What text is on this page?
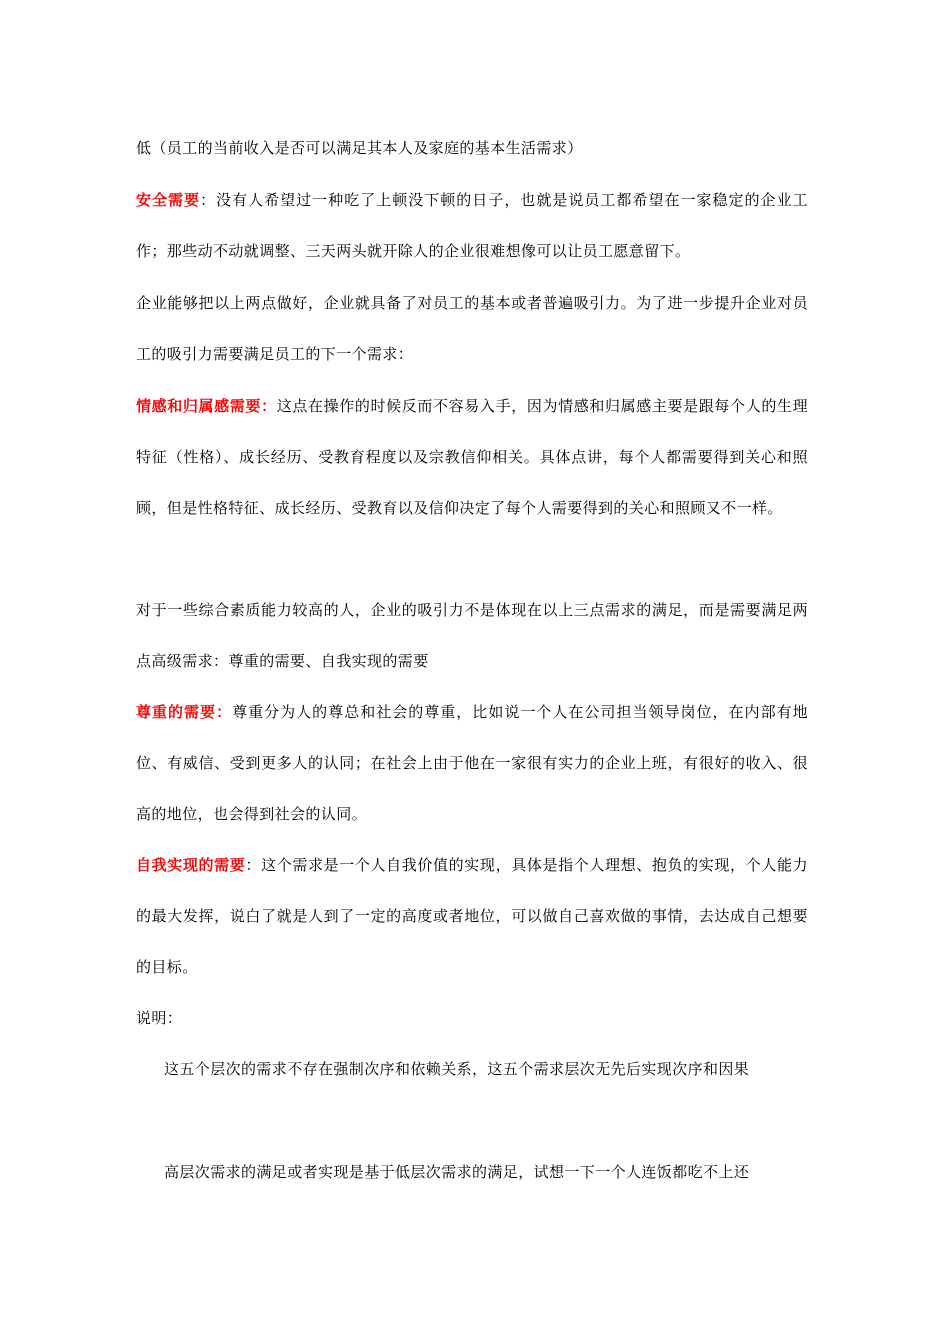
低（员工的当前收入是否可以满足其本人及家庭的基本生活需求）

安全需要：没有人希望过一种吃了上顿没下顿的日子，也就是说员工都希望在一家稳定的企业工作；那些动不动就调整、三天两头就开除人的企业很难想像可以让员工愿意留下。

企业能够把以上两点做好，企业就具备了对员工的基本或者普遍吸引力。为了进一步提升企业对员工的吸引力需要满足员工的下一个需求：

情感和归属感需要：这点在操作的时候反而不容易入手，因为情感和归属感主要是跟每个人的生理特征（性格）、成长经历、受教育程度以及宗教信仰相关。具体点讲，每个人都需要得到关心和照顾，但是性格特征、成长经历、受教育以及信仰决定了每个人需要得到的关心和照顾又不一样。

对于一些综合素质能力较高的人，企业的吸引力不是体现在以上三点需求的满足，而是需要满足两点高级需求：尊重的需要、自我实现的需要

尊重的需要：尊重分为人的尊总和社会的尊重，比如说一个人在公司担当领导岗位，在内部有地位、有威信、受到更多人的认同；在社会上由于他在一家很有实力的企业上班，有很好的收入、很高的地位，也会得到社会的认同。

自我实现的需要：这个需求是一个人自我价值的实现，具体是指个人理想、抱负的实现，个人能力的最大发挥，说白了就是人到了一定的高度或者地位，可以做自己喜欢做的事情，去达成自己想要的目标。

说明：

这五个层次的需求不存在强制次序和依赖关系，这五个需求层次无先后实现次序和因果

高层次需求的满足或者实现是基于低层次需求的满足，试想一下一个人连饭都吃不上还
